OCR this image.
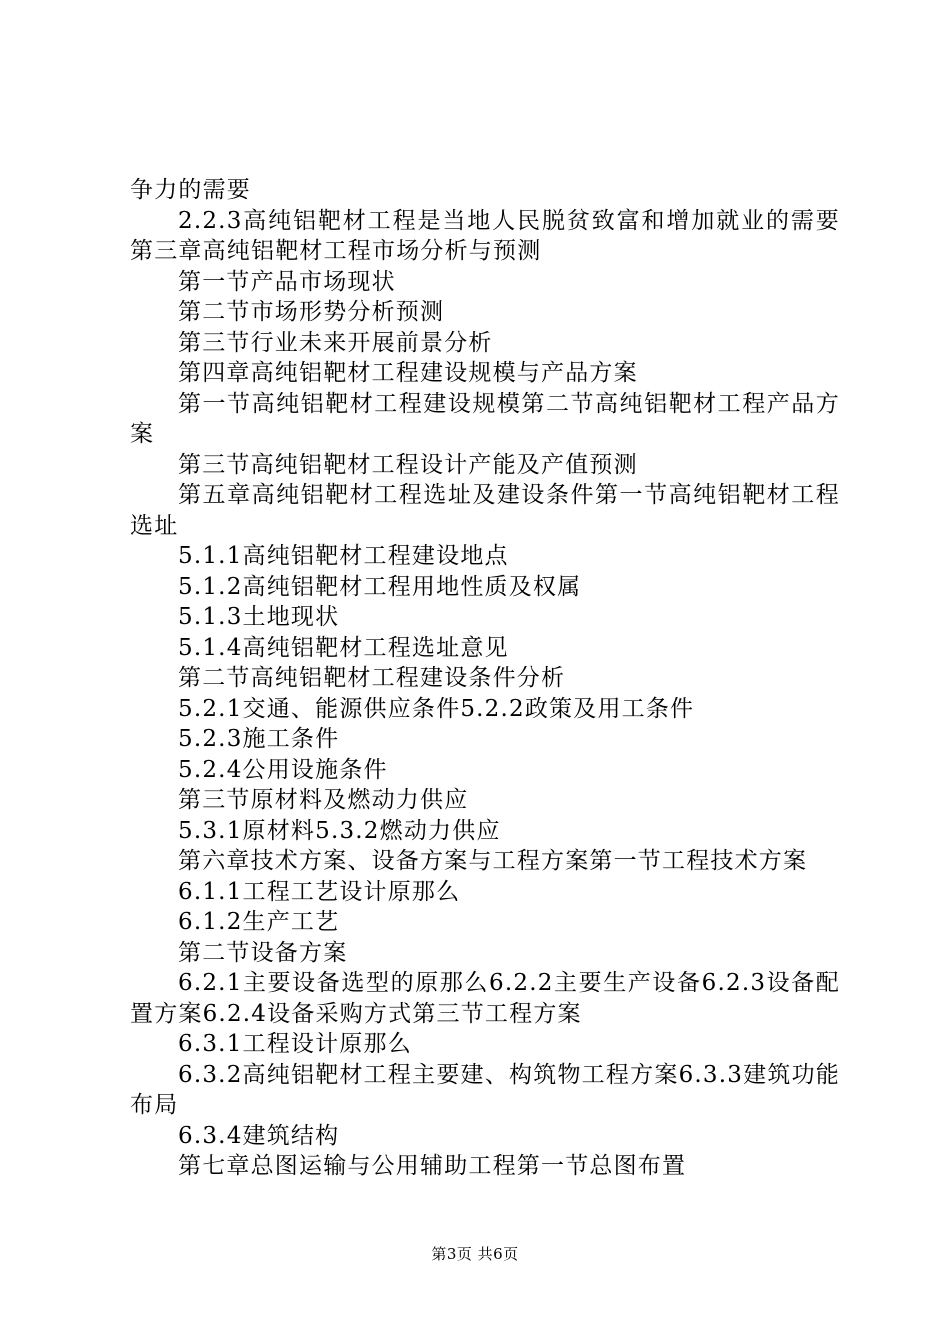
争力的需要

2.2.3高纯铝靶材工程是当地人民脱贫致富和增加就业的需要第三章高纯铝靶材工程市场分析与预测

第一节产品市场现状

第二节市场形势分析预测

第三节行业未来开展前景分析

第四章高纯铝靶材工程建设规模与产品方案

第一节高纯铝靶材工程建设规模第二节高纯铝靶材工程产品方案

第三节高纯铝靶材工程设计产能及产值预测

第五章高纯铝靶材工程选址及建设条件第一节高纯铝靶材工程选址

5.1.1高纯铝靶材工程建设地点

5.1.2高纯铝靶材工程用地性质及权属

5.1.3土地现状

5.1.4高纯铝靶材工程选址意见

第二节高纯铝靶材工程建设条件分析

5.2.1交通、能源供应条件5.2.2政策及用工条件

5.2.3施工条件

5.2.4公用设施条件

第三节原材料及燃动力供应

5.3.1原材料5.3.2燃动力供应

第六章技术方案、设备方案与工程方案第一节工程技术方案

6.1.1工程工艺设计原那么

6.1.2生产工艺

第二节设备方案

6.2.1主要设备选型的原那么6.2.2主要生产设备6.2.3设备配置方案6.2.4设备采购方式第三节工程方案

6.3.1工程设计原那么

6.3.2高纯铝靶材工程主要建、构筑物工程方案6.3.3建筑功能布局

6.3.4建筑结构

第七章总图运输与公用辅助工程第一节总图布置

第3页 共6页
